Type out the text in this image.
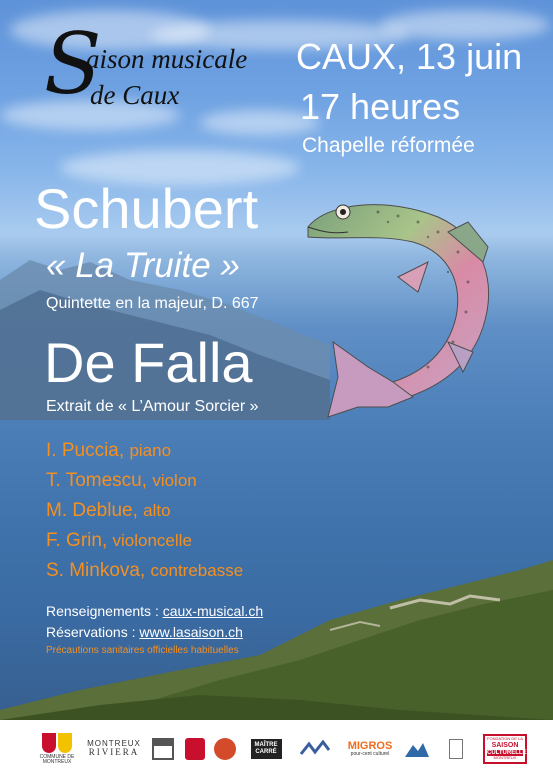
S
aison musicale
de Caux
CAUX, 13 juin
17 heures
Chapelle réformée
Schubert
« La Truite »
Quintette en la majeur, D. 667
De Falla
Extrait de « L’Amour Sorcier »
I. Puccia, piano
T. Tomescu, violon
M. Deblue, alto
F. Grin, violoncelle
S. Minkova, contrebasse
Renseignements : caux-musical.ch
Réservations : www.lasaison.ch
Précautions sanitaires officielles habituelles
COMMUNE DE MONTREUX
MONTREUX
RIVIERA
MAÎTRE
CARRÉ	MIGROS
pour-cent culturel
FONDATION DE LA
SAISON
CULTURELLE
MONTREUX
